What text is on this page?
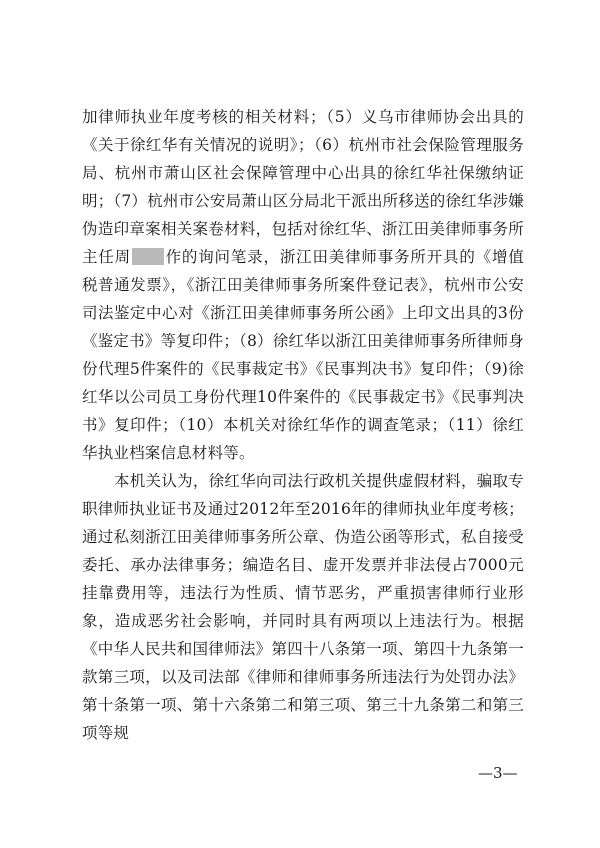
加律师执业年度考核的相关材料；（5）义乌市律师协会出具的《关于徐红华有关情况的说明》；（6）杭州市社会保险管理服务局、杭州市萧山区社会保障管理中心出具的徐红华社保缴纳证明；（7）杭州市公安局萧山区分局北干派出所移送的徐红华涉嫌伪造印章案相关案卷材料，包括对徐红华、浙江田美律师事务所主任周 作的询问笔录，浙江田美律师事务所开具的《增值税普通发票》，《浙江田美律师事务所案件登记表》，杭州市公安司法鉴定中心对《浙江田美律师事务所公函》上印文出具的3份《鉴定书》等复印件；（8）徐红华以浙江田美律师事务所律师身份代理5件案件的《民事裁定书》《民事判决书》复印件；（9)徐红华以公司员工身份代理10件案件的《民事裁定书》《民事判决书》复印件；（10）本机关对徐红华作的调查笔录；（11）徐红华执业档案信息材料等。

本机关认为，徐红华向司法行政机关提供虚假材料，骗取专职律师执业证书及通过2012年至2016年的律师执业年度考核；通过私刻浙江田美律师事务所公章、伪造公函等形式，私自接受委托、承办法律事务；编造名目、虚开发票并非法侵占7000元挂靠费用等，违法行为性质、情节恶劣，严重损害律师行业形象，造成恶劣社会影响，并同时具有两项以上违法行为。根据《中华人民共和国律师法》第四十八条第一项、第四十九条第一款第三项，以及司法部《律师和律师事务所违法行为处罚办法》第十条第一项、第十六条第二和第三项、第三十九条第二和第三项等规

—3—
